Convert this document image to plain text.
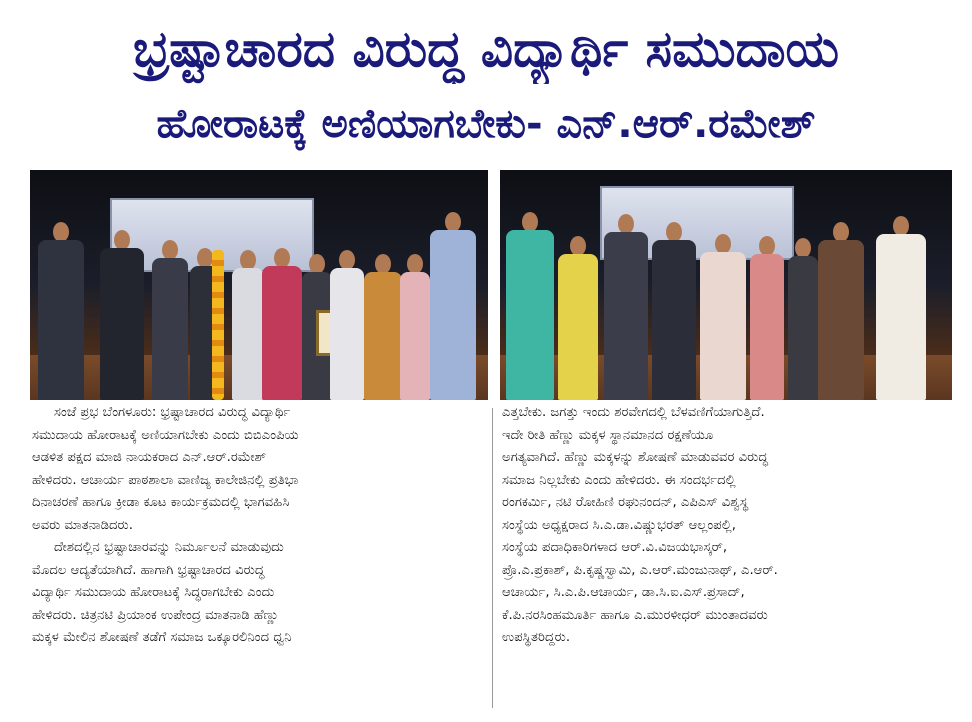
ಭ್ರಷ್ಟಾಚಾರದ ವಿರುದ್ಧ ವಿದ್ಯಾರ್ಥಿ ಸಮುದಾಯ
ಹೋರಾಟಕ್ಕೆ ಅಣಿಯಾಗಬೇಕು- ಎನ್.ಆರ್.ರಮೇಶ್

ಸಂಜೆ ಪ್ರಭ ಬೆಂಗಳೂರು: ಭ್ರಷ್ಟಾಚಾರದ ವಿರುದ್ಧ ವಿದ್ಯಾರ್ಥಿ

ಸಮುದಾಯ ಹೋರಾಟಕ್ಕೆ ಅಣಿಯಾಗಬೇಕು ಎಂದು ಬಿಬಿಎಂಪಿಯ

ಆಡಳಿತ ಪಕ್ಷದ ಮಾಜಿ ನಾಯಕರಾದ ಎನ್.ಆರ್.ರಮೇಶ್

ಹೇಳಿದರು. ಆಚಾರ್ಯ ಪಾಠಶಾಲಾ ವಾಣಿಜ್ಯ ಕಾಲೇಜಿನಲ್ಲಿ ಪ್ರತಿಭಾ

ದಿನಾಚರಣೆ ಹಾಗೂ ಕ್ರೀಡಾ ಕೂಟ ಕಾರ್ಯಕ್ರಮದಲ್ಲಿ ಭಾಗವಹಿಸಿ

ಅವರು ಮಾತನಾಡಿದರು.

ದೇಶದಲ್ಲಿನ ಭ್ರಷ್ಟಾಚಾರವನ್ನು ನಿರ್ಮೂಲನೆ ಮಾಡುವುದು

ಮೊದಲ ಆದ್ಯತೆಯಾಗಿದೆ. ಹಾಗಾಗಿ ಭ್ರಷ್ಟಾಚಾರದ ವಿರುದ್ಧ

ವಿದ್ಯಾರ್ಥಿ ಸಮುದಾಯ ಹೋರಾಟಕ್ಕೆ ಸಿದ್ಧರಾಗಬೇಕು ಎಂದು

ಹೇಳಿದರು. ಚಿತ್ರನಟಿ ಪ್ರಿಯಾಂಕ ಉಪೇಂದ್ರ ಮಾತನಾಡಿ ಹೆಣ್ಣು

ಮಕ್ಕಳ ಮೇಲಿನ ಶೋಷಣೆ ತಡೆಗೆ ಸಮಾಜ ಒಕ್ಕೂರಲಿನಿಂದ ಧ್ವನಿ

ಎತ್ತಬೇಕು. ಜಗತ್ತು ಇಂದು ಶರವೇಗದಲ್ಲಿ ಬೆಳವಣಿಗೆಯಾಗುತ್ತಿದೆ.

ಇದೇ ರೀತಿ ಹೆಣ್ಣು ಮಕ್ಕಳ ಸ್ಥಾನಮಾನದ ರಕ್ಷಣೆಯೂ

ಅಗತ್ಯವಾಗಿದೆ. ಹೆಣ್ಣು ಮಕ್ಕಳನ್ನು ಶೋಷಣೆ ಮಾಡುವವರ ವಿರುದ್ಧ

ಸಮಾಜ ನಿಲ್ಲಬೇಕು ಎಂದು ಹೇಳಿದರು. ಈ ಸಂದರ್ಭದಲ್ಲಿ

ರಂಗಕರ್ಮಿ, ನಟಿ ರೋಹಿಣಿ ರಘುನಂದನ್, ಎಪಿಎಸ್ ವಿಶ್ವಸ್ಥ

ಸಂಸ್ಥೆಯ ಅಧ್ಯಕ್ಷರಾದ ಸಿ.ಎ.ಡಾ.ವಿಷ್ಣುಭರತ್ ಆಲ್ಲಂಪಲ್ಲಿ,

ಸಂಸ್ಥೆಯ ಪದಾಧಿಕಾರಿಗಳಾದ ಆರ್.ವಿ.ವಿಜಯಭಾಸ್ಕರ್,

ಪ್ರೊ.ಎ.ಪ್ರಕಾಶ್, ಪಿ.ಕೃಷ್ಣಸ್ವಾಮಿ, ಎ.ಆರ್.ಮಂಜುನಾಥ್, ಎ.ಆರ್.

ಆಚಾರ್ಯ, ಸಿ.ಎ.ಪಿ.ಆಚಾರ್ಯ, ಡಾ.ಸಿ.ಐ.ಎಸ್.ಪ್ರಸಾದ್,

ಕೆ.ಪಿ.ನರಸಿಂಹಮೂರ್ತಿ ಹಾಗೂ ಎ.ಮುರಳೀಧರ್ ಮುಂತಾದವರು

ಉಪಸ್ಥಿತರಿದ್ದರು.
